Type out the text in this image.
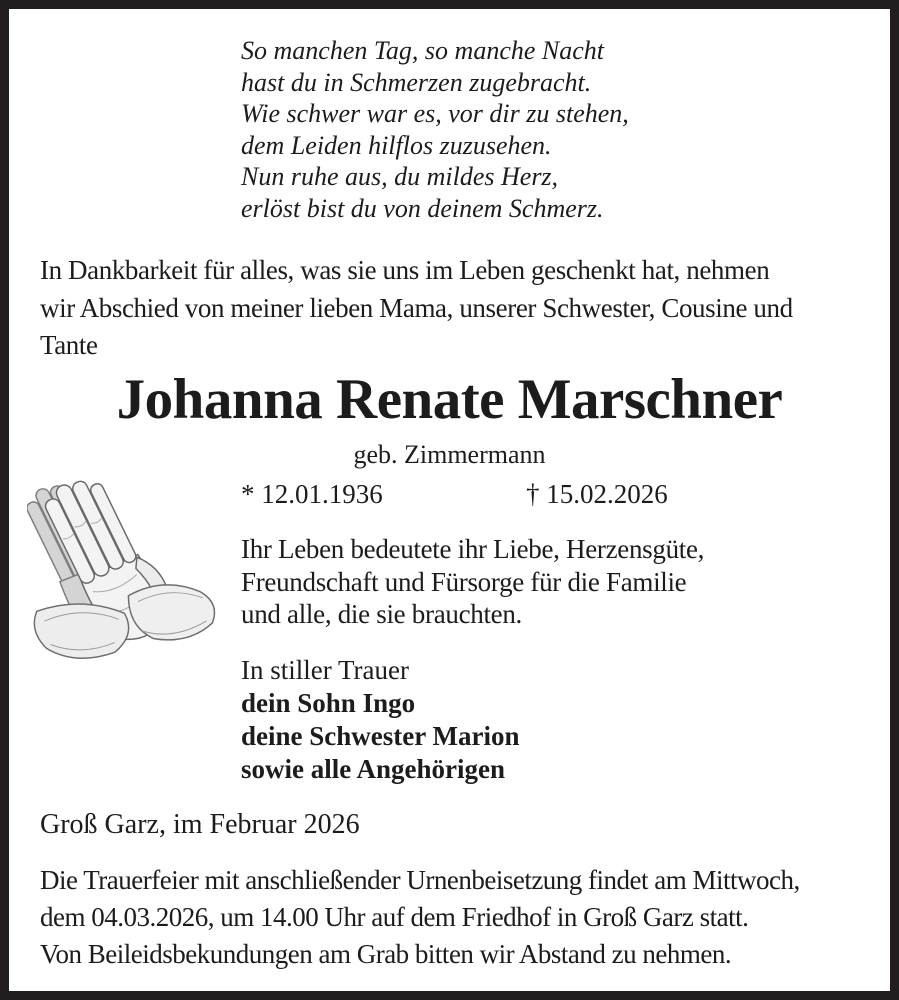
So manchen Tag, so manche Nacht
hast du in Schmerzen zugebracht.
Wie schwer war es, vor dir zu stehen,
dem Leiden hilflos zuzusehen.
Nun ruhe aus, du mildes Herz,
erlöst bist du von deinem Schmerz.
In Dankbarkeit für alles, was sie uns im Leben geschenkt hat, nehmen
wir Abschied von meiner lieben Mama, unserer Schwester, Cousine und
Tante
Johanna Renate Marschner
geb. Zimmermann
* 12.01.1936	† 15.02.2026
Ihr Leben bedeutete ihr Liebe, Herzensgüte,
Freundschaft und Fürsorge für die Familie
und alle, die sie brauchten.
In stiller Trauer
dein Sohn Ingo
deine Schwester Marion
sowie alle Angehörigen
Groß Garz, im Februar 2026
Die Trauerfeier mit anschließender Urnenbeisetzung findet am Mittwoch,
dem 04.03.2026, um 14.00 Uhr auf dem Friedhof in Groß Garz statt.
Von Beileidsbekundungen am Grab bitten wir Abstand zu nehmen.
